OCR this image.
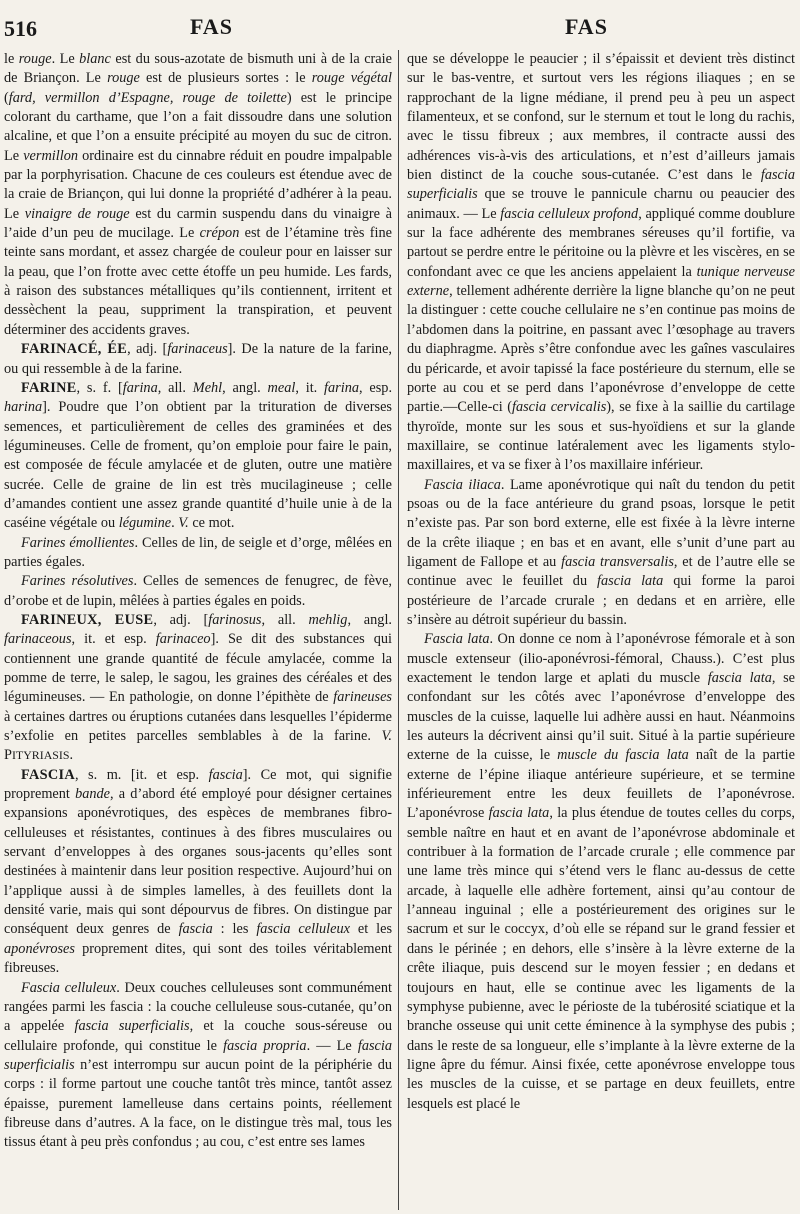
516	FAS	FAS

le rouge. Le blanc est du sous-azotate de bismuth uni à de la craie de Briançon. Le rouge est de plusieurs sortes : le rouge végétal (fard, vermillon d’Espagne, rouge de toilette) est le principe colorant du carthame, que l’on a fait dissoudre dans une solution alcaline, et que l’on a ensuite précipité au moyen du suc de citron. Le vermillon ordinaire est du cinnabre réduit en poudre impalpable par la porphyrisation. Chacune de ces couleurs est étendue avec de la craie de Briançon, qui lui donne la propriété d’adhérer à la peau. Le vinaigre de rouge est du carmin suspendu dans du vinaigre à l’aide d’un peu de mucilage. Le crépon est de l’étamine très fine teinte sans mordant, et assez chargée de couleur pour en laisser sur la peau, que l’on frotte avec cette étoffe un peu humide. Les fards, à raison des substances métalliques qu’ils contiennent, irritent et dessèchent la peau, suppriment la transpiration, et peuvent déterminer des accidents graves.

FARINACÉ, ÉE, adj. [farinaceus]. De la nature de la farine, ou qui ressemble à de la farine.

FARINE, s. f. [farina, all. Mehl, angl. meal, it. farina, esp. harina]. Poudre que l’on obtient par la trituration de diverses semences, et particulièrement de celles des graminées et des légumineuses. Celle de froment, qu’on emploie pour faire le pain, est composée de fécule amylacée et de gluten, outre une matière sucrée. Celle de graine de lin est très mucilagineuse ; celle d’amandes contient une assez grande quantité d’huile unie à de la caséine végétale ou légumine. V. ce mot.

Farines émollientes. Celles de lin, de seigle et d’orge, mêlées en parties égales.

Farines résolutives. Celles de semences de fenugrec, de fève, d’orobe et de lupin, mêlées à parties égales en poids.

FARINEUX, EUSE, adj. [farinosus, all. mehlig, angl. farinaceous, it. et esp. farinaceo]. Se dit des substances qui contiennent une grande quantité de fécule amylacée, comme la pomme de terre, le salep, le sagou, les graines des céréales et des légumineuses. — En pathologie, on donne l’épithète de farineuses à certaines dartres ou éruptions cutanées dans lesquelles l’épiderme s’exfolie en petites parcelles semblables à de la farine. V. PITYRIASIS.

FASCIA, s. m. [it. et esp. fascia]. Ce mot, qui signifie proprement bande, a d’abord été employé pour désigner certaines expansions aponévrotiques, des espèces de membranes fibro-celluleuses et résistantes, continues à des fibres musculaires ou servant d’enveloppes à des organes sous-jacents qu’elles sont destinées à maintenir dans leur position respective. Aujourd’hui on l’applique aussi à de simples lamelles, à des feuillets dont la densité varie, mais qui sont dépourvus de fibres. On distingue par conséquent deux genres de fascia : les fascia celluleux et les aponévroses proprement dites, qui sont des toiles véritablement fibreuses.

Fascia celluleux. Deux couches celluleuses sont communément rangées parmi les fascia : la couche celluleuse sous-cutanée, qu’on a appelée fascia superficialis, et la couche sous-séreuse ou cellulaire profonde, qui constitue le fascia propria. — Le fascia superficialis n’est interrompu sur aucun point de la périphérie du corps : il forme partout une couche tantôt très mince, tantôt assez épaisse, purement lamelleuse dans certains points, réellement fibreuse dans d’autres. A la face, on le distingue très mal, tous les tissus étant à peu près confondus ; au cou, c’est entre ses lames

que se développe le peaucier ; il s’épaissit et devient très distinct sur le bas-ventre, et surtout vers les régions iliaques ; en se rapprochant de la ligne médiane, il prend peu à peu un aspect filamenteux, et se confond, sur le sternum et tout le long du rachis, avec le tissu fibreux ; aux membres, il contracte aussi des adhérences vis-à-vis des articulations, et n’est d’ailleurs jamais bien distinct de la couche sous-cutanée. C’est dans le fascia superficialis que se trouve le pannicule charnu ou peaucier des animaux. — Le fascia celluleux profond, appliqué comme doublure sur la face adhérente des membranes séreuses qu’il fortifie, va partout se perdre entre le péritoine ou la plèvre et les viscères, en se confondant avec ce que les anciens appelaient la tunique nerveuse externe, tellement adhérente derrière la ligne blanche qu’on ne peut la distinguer : cette couche cellulaire ne s’en continue pas moins de l’abdomen dans la poitrine, en passant avec l’œsophage au travers du diaphragme. Après s’être confondue avec les gaînes vasculaires du péricarde, et avoir tapissé la face postérieure du sternum, elle se porte au cou et se perd dans l’aponévrose d’enveloppe de cette partie.—Celle-ci (fascia cervicalis), se fixe à la saillie du cartilage thyroïde, monte sur les sous et sus-hyoïdiens et sur la glande maxillaire, se continue latéralement avec les ligaments stylo-maxillaires, et va se fixer à l’os maxillaire inférieur.

Fascia iliaca. Lame aponévrotique qui naît du tendon du petit psoas ou de la face antérieure du grand psoas, lorsque le petit n’existe pas. Par son bord externe, elle est fixée à la lèvre interne de la crête iliaque ; en bas et en avant, elle s’unit d’une part au ligament de Fallope et au fascia transversalis, et de l’autre elle se continue avec le feuillet du fascia lata qui forme la paroi postérieure de l’arcade crurale ; en dedans et en arrière, elle s’insère au détroit supérieur du bassin.

Fascia lata. On donne ce nom à l’aponévrose fémorale et à son muscle extenseur (ilio-aponévrosi-fémoral, Chauss.). C’est plus exactement le tendon large et aplati du muscle fascia lata, se confondant sur les côtés avec l’aponévrose d’enveloppe des muscles de la cuisse, laquelle lui adhère aussi en haut. Néanmoins les auteurs la décrivent ainsi qu’il suit. Situé à la partie supérieure externe de la cuisse, le muscle du fascia lata naît de la partie externe de l’épine iliaque antérieure supérieure, et se termine inférieurement entre les deux feuillets de l’aponévrose. L’aponévrose fascia lata, la plus étendue de toutes celles du corps, semble naître en haut et en avant de l’aponévrose abdominale et contribuer à la formation de l’arcade crurale ; elle commence par une lame très mince qui s’étend vers le flanc au-dessus de cette arcade, à laquelle elle adhère fortement, ainsi qu’au contour de l’anneau inguinal ; elle a postérieurement des origines sur le sacrum et sur le coccyx, d’où elle se répand sur le grand fessier et dans le périnée ; en dehors, elle s’insère à la lèvre externe de la crête iliaque, puis descend sur le moyen fessier ; en dedans et toujours en haut, elle se continue avec les ligaments de la symphyse pubienne, avec le périoste de la tubérosité sciatique et la branche osseuse qui unit cette éminence à la symphyse des pubis ; dans le reste de sa longueur, elle s’implante à la lèvre externe de la ligne âpre du fémur. Ainsi fixée, cette aponévrose enveloppe tous les muscles de la cuisse, et se partage en deux feuillets, entre lesquels est placé le
